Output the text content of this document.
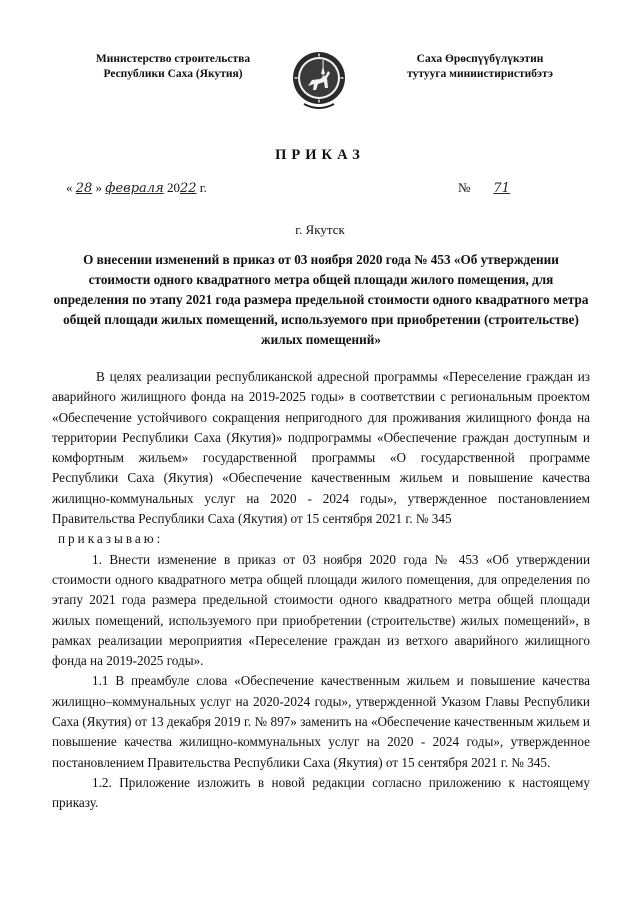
Министерство строительства
Республики Саха (Якутия)
Саха Өрөспүүбүлүкэтин
тутууга миниистиристибэтэ
ПРИКАЗ
« 28 » февраля 2022 г.	№ 71
г. Якутск
О внесении изменений в приказ от 03 ноября 2020 года № 453 «Об утверждении стоимости одного квадратного метра общей площади жилого помещения, для определения по этапу 2021 года размера предельной стоимости одного квадратного метра общей площади жилых помещений, используемого при приобретении (строительстве) жилых помещений»

В целях реализации республиканской адресной программы «Переселение граждан из аварийного жилищного фонда на 2019-2025 годы» в соответствии с региональным проектом «Обеспечение устойчивого сокращения непригодного для проживания жилищного фонда на территории Республики Саха (Якутия)» подпрограммы «Обеспечение граждан доступным и комфортным жильем» государственной программы «О государственной программе Республики Саха (Якутия) «Обеспечение качественным жильем и повышение качества жилищно-коммунальных услуг на 2020 - 2024 годы», утвержденное постановлением Правительства Республики Саха (Якутия) от 15 сентября 2021 г. № 345

приказываю:

1. Внести изменение в приказ от 03 ноября 2020 года № 453 «Об утверждении стоимости одного квадратного метра общей площади жилого помещения, для определения по этапу 2021 года размера предельной стоимости одного квадратного метра общей площади жилых помещений, используемого при приобретении (строительстве) жилых помещений», в рамках реализации мероприятия «Переселение граждан из ветхого аварийного жилищного фонда на 2019-2025 годы».

1.1 В преамбуле слова «Обеспечение качественным жильем и повышение качества жилищно–коммунальных услуг на 2020-2024 годы», утвержденной Указом Главы Республики Саха (Якутия) от 13 декабря 2019 г. № 897» заменить на «Обеспечение качественным жильем и повышение качества жилищно-коммунальных услуг на 2020 - 2024 годы», утвержденное постановлением Правительства Республики Саха (Якутия) от 15 сентября 2021 г. № 345.

1.2. Приложение изложить в новой редакции согласно приложению к настоящему приказу.
